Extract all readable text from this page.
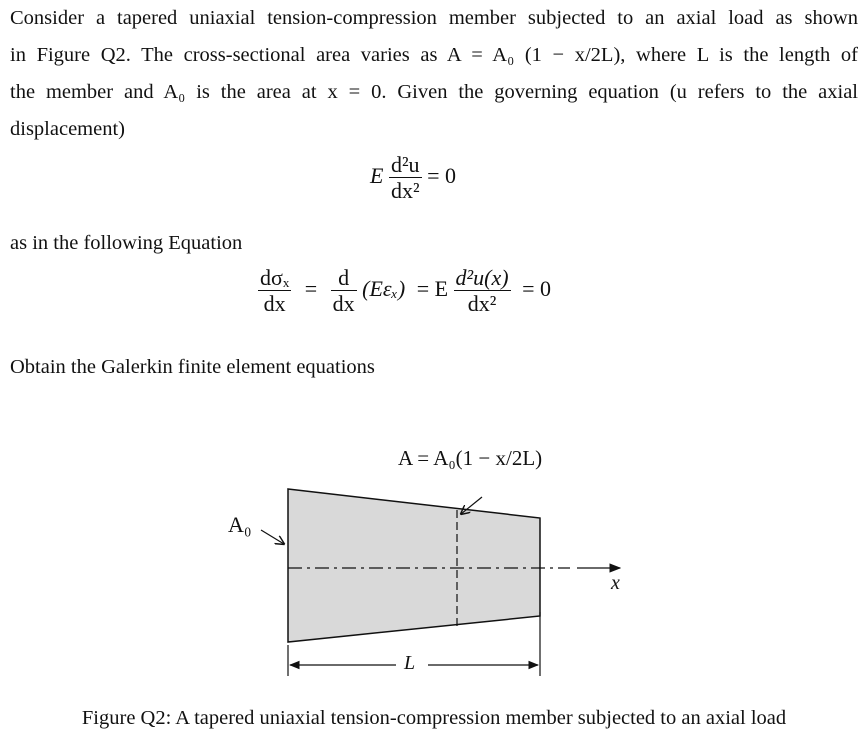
Consider a tapered uniaxial tension-compression member subjected to an axial load as shown
in Figure Q2. The cross-sectional area varies as A = A₀ (1 − x/2L), where L is the length of
the member and A₀ is the area at x = 0. Given the governing equation (u refers to the axial
displacement)
E $\frac{\text{d²u}}{\text{dx²}} = 0$
as in the following Equation
$\frac{\text{dσₓ}}{dx} = \frac{d}{dx} (E\varepsilon_x) = E \frac{\text{d²u(x)}}{\text{dx²}} = 0$
Obtain the Galerkin finite element equations
A = A₀(1 − x/2L)
A₀
x
L
Figure Q2: A tapered uniaxial tension-compression member subjected to an axial load
